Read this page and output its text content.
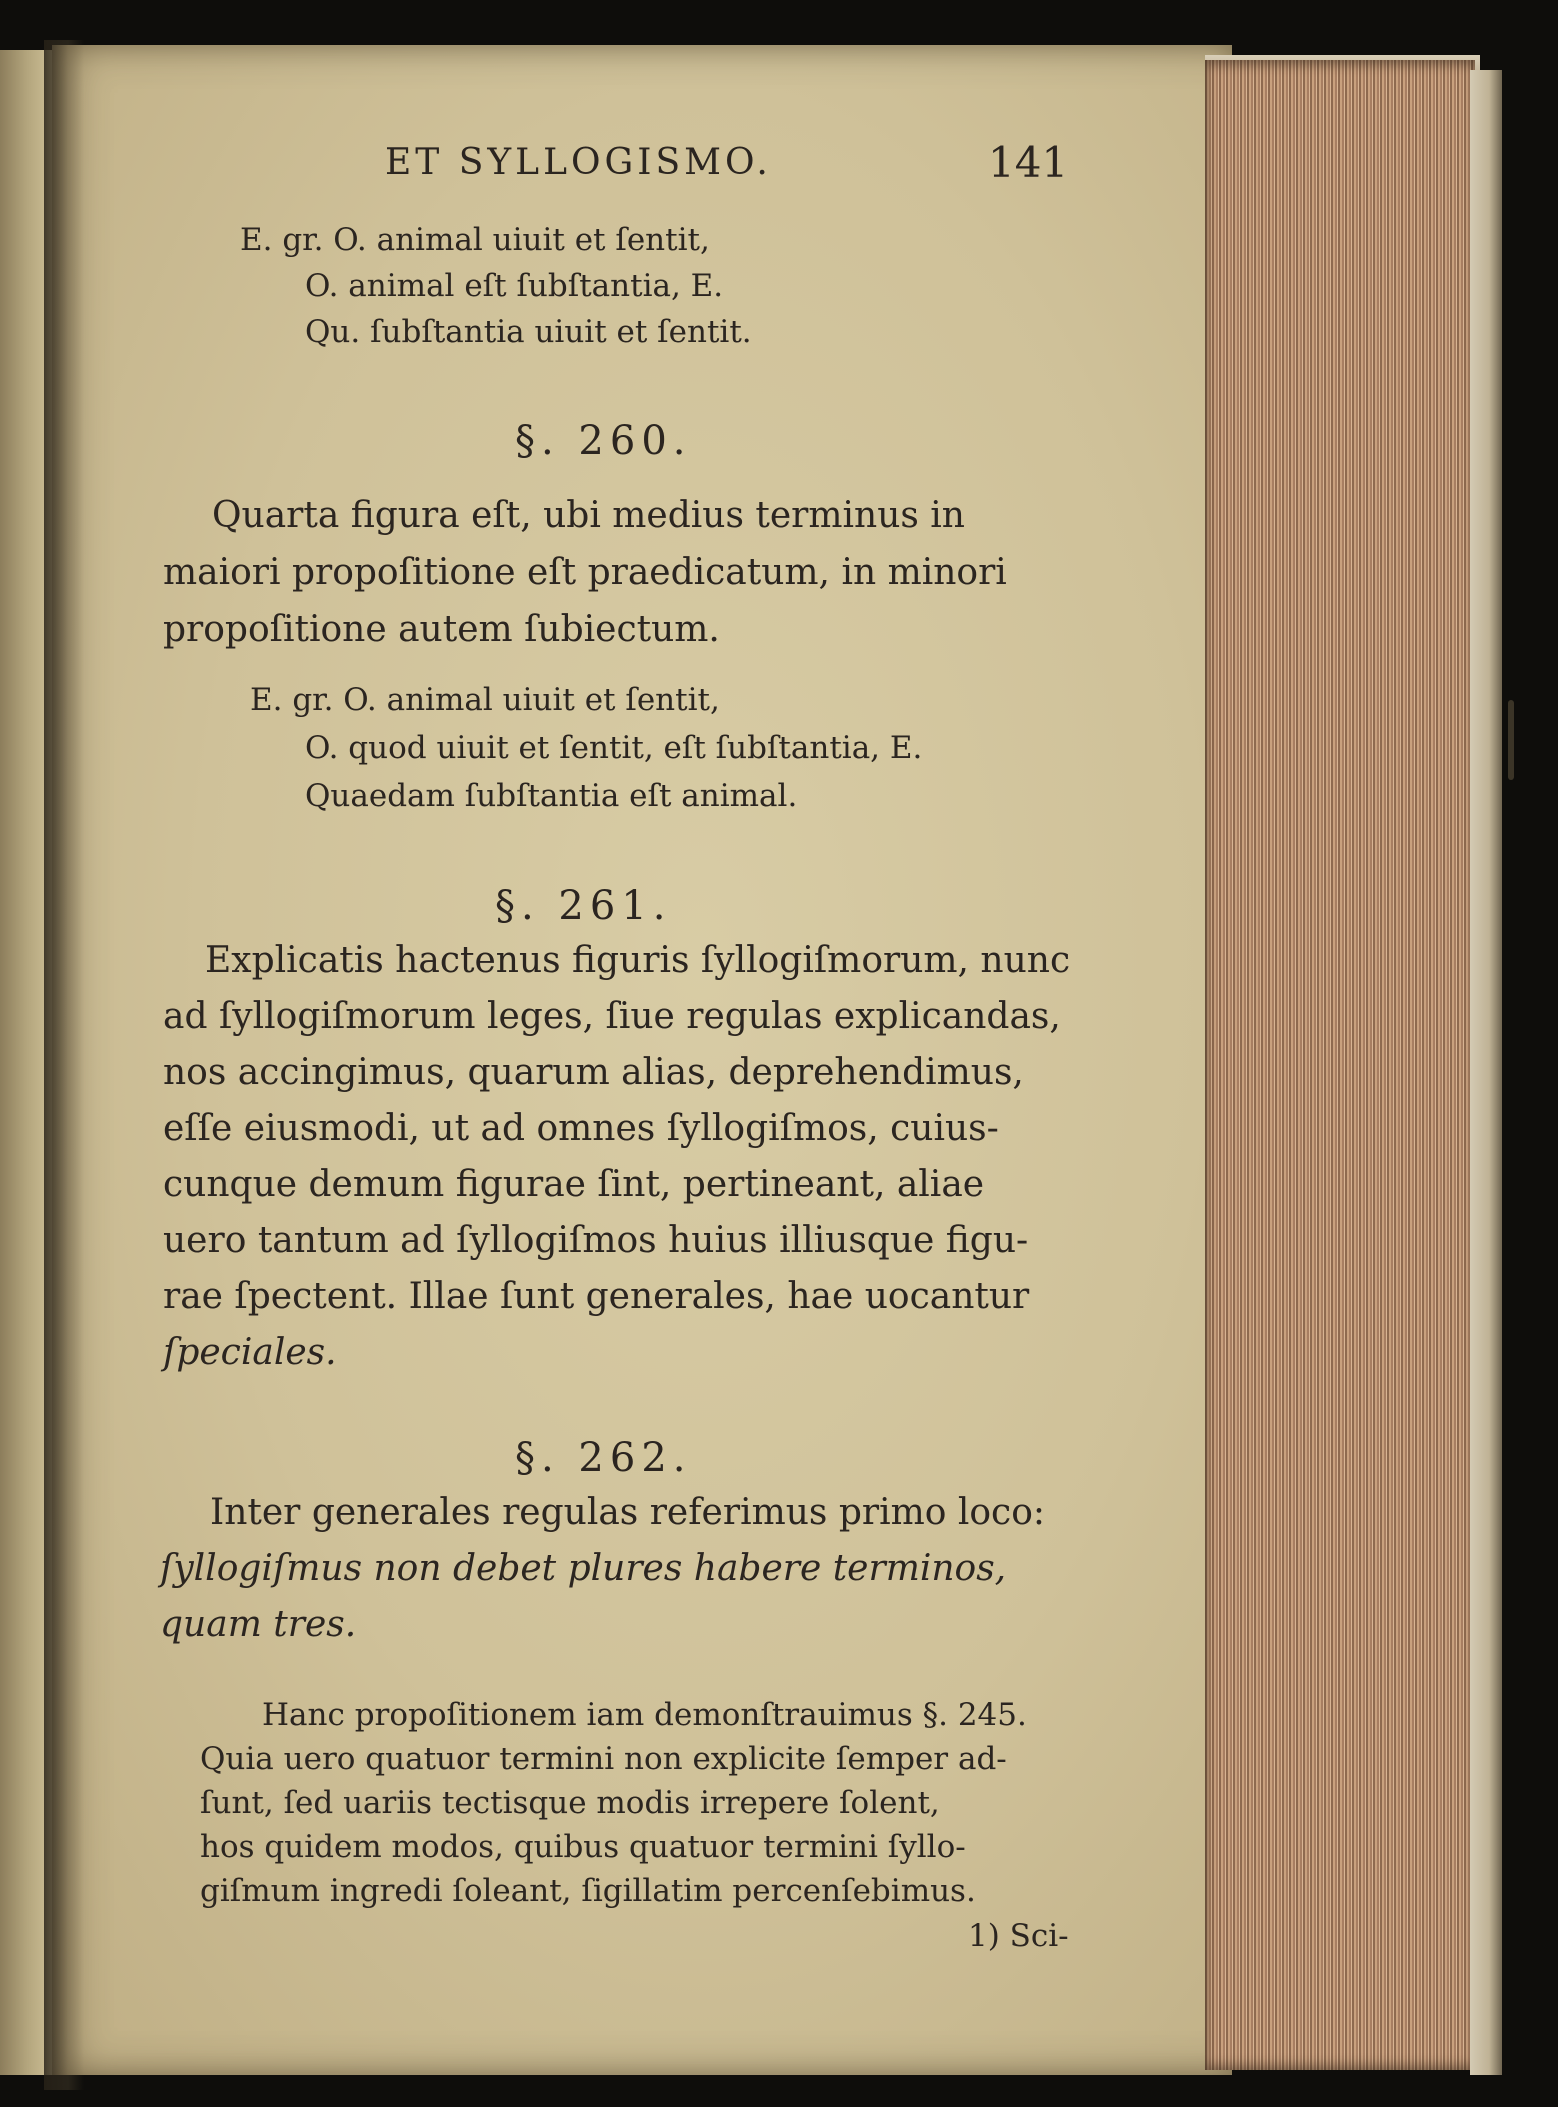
ET SYLLOGISMO.	141
E. gr. O. animal uiuit et ſentit,
O. animal eſt ſubſtantia, E.
Qu. ſubſtantia uiuit et ſentit.
§. 260.
Quarta figura eſt, ubi medius terminus in
maiori propoſitione eſt praedicatum, in minori
propoſitione autem ſubiectum.
E. gr. O. animal uiuit et ſentit,
O. quod uiuit et ſentit, eſt ſubſtantia, E.
Quaedam ſubſtantia eſt animal.
§. 261.
Explicatis hactenus figuris ſyllogiſmorum, nunc
ad ſyllogiſmorum leges, ſiue regulas explicandas,
nos accingimus, quarum alias, deprehendimus,
eſſe eiusmodi, ut ad omnes ſyllogiſmos, cuius-
cunque demum figurae ſint, pertineant, aliae
uero tantum ad ſyllogiſmos huius illiusque figu-
rae ſpectent. Illae ſunt generales, hae uocantur
ſpeciales.
§. 262.
Inter generales regulas referimus primo loco:
ſyllogiſmus non debet plures habere terminos,
quam tres.
Hanc propoſitionem iam demonſtrauimus §. 245.
Quia uero quatuor termini non explicite ſemper ad-
ſunt, ſed uariis tectisque modis irrepere ſolent,
hos quidem modos, quibus quatuor termini ſyllo-
giſmum ingredi ſoleant, ſigillatim percenſebimus.
1) Sci-
